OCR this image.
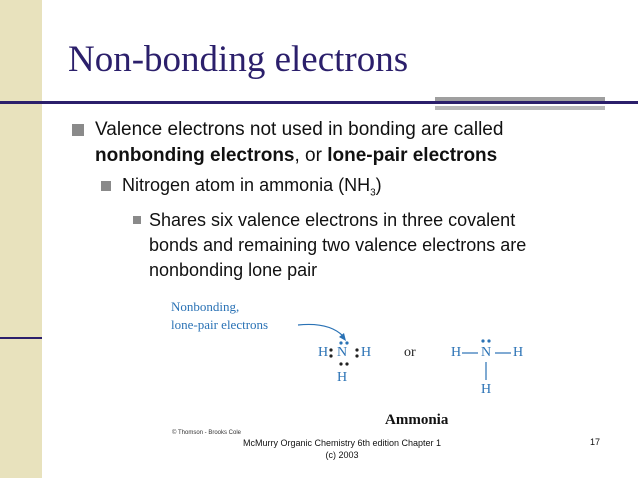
Non-bonding electrons
Valence electrons not used in bonding are called
nonbonding electrons, or lone-pair electrons
Nitrogen atom in ammonia $(NH_3)$
Shares six valence electrons in three covalent
bonds and remaining two valence electrons are
nonbonding lone pair
Nonbonding,
lone-pair electrons
H N H
H
or	H N H
H
Ammonia
© Thomson - Brooks Cole
McMurry Organic Chemistry 6th edition Chapter 1
(c) 2003
17
